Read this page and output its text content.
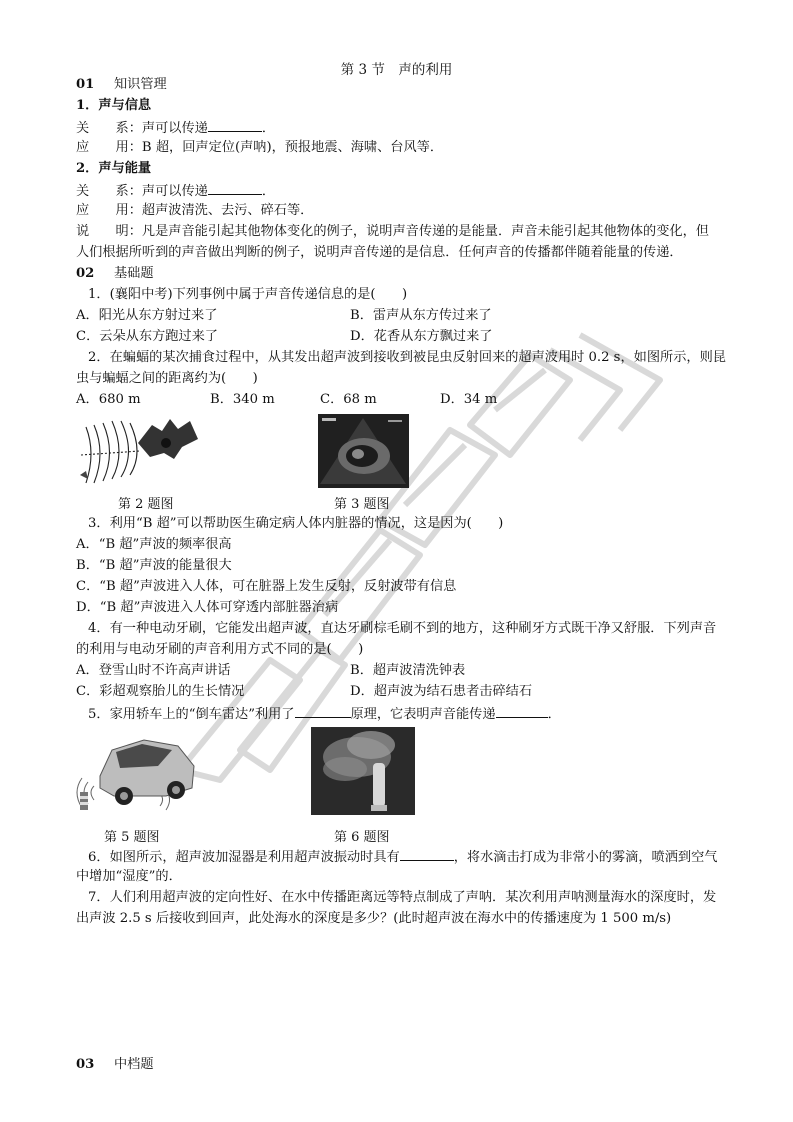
第 3 节　声的利用
01 知识管理
1．声与信息
关　　系：声可以传递	．
应　　用：B 超，回声定位(声呐)，预报地震、海啸、台风等．
2．声与能量
关　　系：声可以传递	．
应　　用：超声波清洗、去污、碎石等．
说　　明：凡是声音能引起其他物体变化的例子，说明声音传递的是能量．声音未能引起其他物体的变化，但
人们根据所听到的声音做出判断的例子，说明声音传递的是信息．任何声音的传播都伴随着能量的传递．
02 基础题
1．(襄阳中考)下列事例中属于声音传递信息的是(　　)
A．阳光从东方射过来了	B．雷声从东方传过来了
C．云朵从东方跑过来了	D．花香从东方飘过来了
2．在蝙蝠的某次捕食过程中，从其发出超声波到接收到被昆虫反射回来的超声波用时 0.2 s，如图所示，则昆
虫与蝙蝠之间的距离约为(　　)
A．680 m	B．340 m	C．68 m	D．34 m
第 2 题图	第 3 题图
3．利用“B 超”可以帮助医生确定病人体内脏器的情况，这是因为(　　)
A．“B 超”声波的频率很高
B．“B 超”声波的能量很大
C．“B 超”声波进入人体，可在脏器上发生反射，反射波带有信息
D．“B 超”声波进入人体可穿透内部脏器治病
4．有一种电动牙刷，它能发出超声波，直达牙刷棕毛刷不到的地方，这种刷牙方式既干净又舒服．下列声音
的利用与电动牙刷的声音利用方式不同的是(　　)
A．登雪山时不许高声讲话	B．超声波清洗钟表
C．彩超观察胎儿的生长情况	D．超声波为结石患者击碎结石
5．家用轿车上的“倒车雷达”利用了	原理，它表明声音能传递	．
第 5 题图	第 6 题图
6．如图所示，超声波加湿器是利用超声波振动时具有	，将水滴击打成为非常小的雾滴，喷洒到空气
中增加“湿度”的．
7．人们利用超声波的定向性好、在水中传播距离远等特点制成了声呐．某次利用声呐测量海水的深度时，发
出声波 2.5 s 后接收到回声，此处海水的深度是多少？(此时超声波在海水中的传播速度为 1 500 m/s)
03 中档题
